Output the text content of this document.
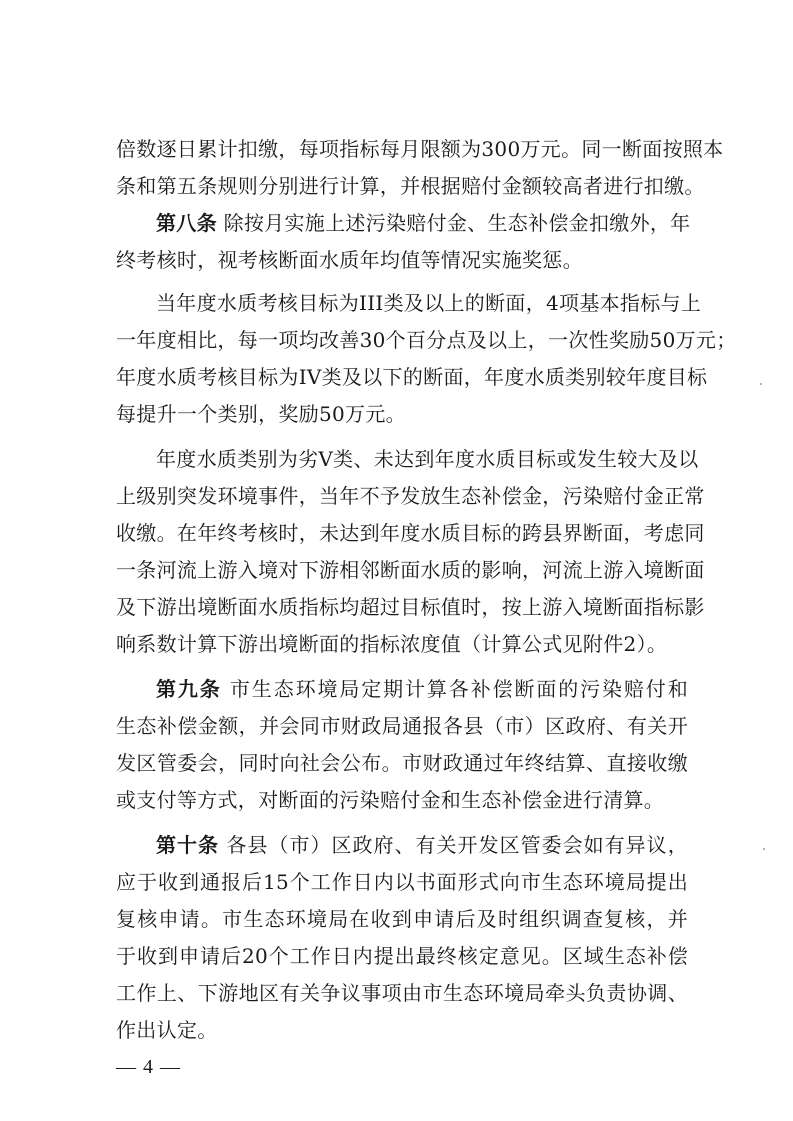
倍数逐日累计扣缴，每项指标每月限额为300万元。同一断面按照本
条和第五条规则分别进行计算，并根据赔付金额较高者进行扣缴。
第八条 除按月实施上述污染赔付金、生态补偿金扣缴外，年
终考核时，视考核断面水质年均值等情况实施奖惩。
当年度水质考核目标为III类及以上的断面，4项基本指标与上
一年度相比，每一项均改善30个百分点及以上，一次性奖励50万元；
年度水质考核目标为IV类及以下的断面，年度水质类别较年度目标
每提升一个类别，奖励50万元。
年度水质类别为劣V类、未达到年度水质目标或发生较大及以
上级别突发环境事件，当年不予发放生态补偿金，污染赔付金正常
收缴。在年终考核时，未达到年度水质目标的跨县界断面，考虑同
一条河流上游入境对下游相邻断面水质的影响，河流上游入境断面
及下游出境断面水质指标均超过目标值时，按上游入境断面指标影
响系数计算下游出境断面的指标浓度值（计算公式见附件2）。
第九条 市生态环境局定期计算各补偿断面的污染赔付和
生态补偿金额，并会同市财政局通报各县（市）区政府、有关开
发区管委会，同时向社会公布。市财政通过年终结算、直接收缴
或支付等方式，对断面的污染赔付金和生态补偿金进行清算。
第十条 各县（市）区政府、有关开发区管委会如有异议，
应于收到通报后15个工作日内以书面形式向市生态环境局提出
复核申请。市生态环境局在收到申请后及时组织调查复核，并
于收到申请后20个工作日内提出最终核定意见。区域生态补偿
工作上、下游地区有关争议事项由市生态环境局牵头负责协调、
作出认定。
— 4 —
